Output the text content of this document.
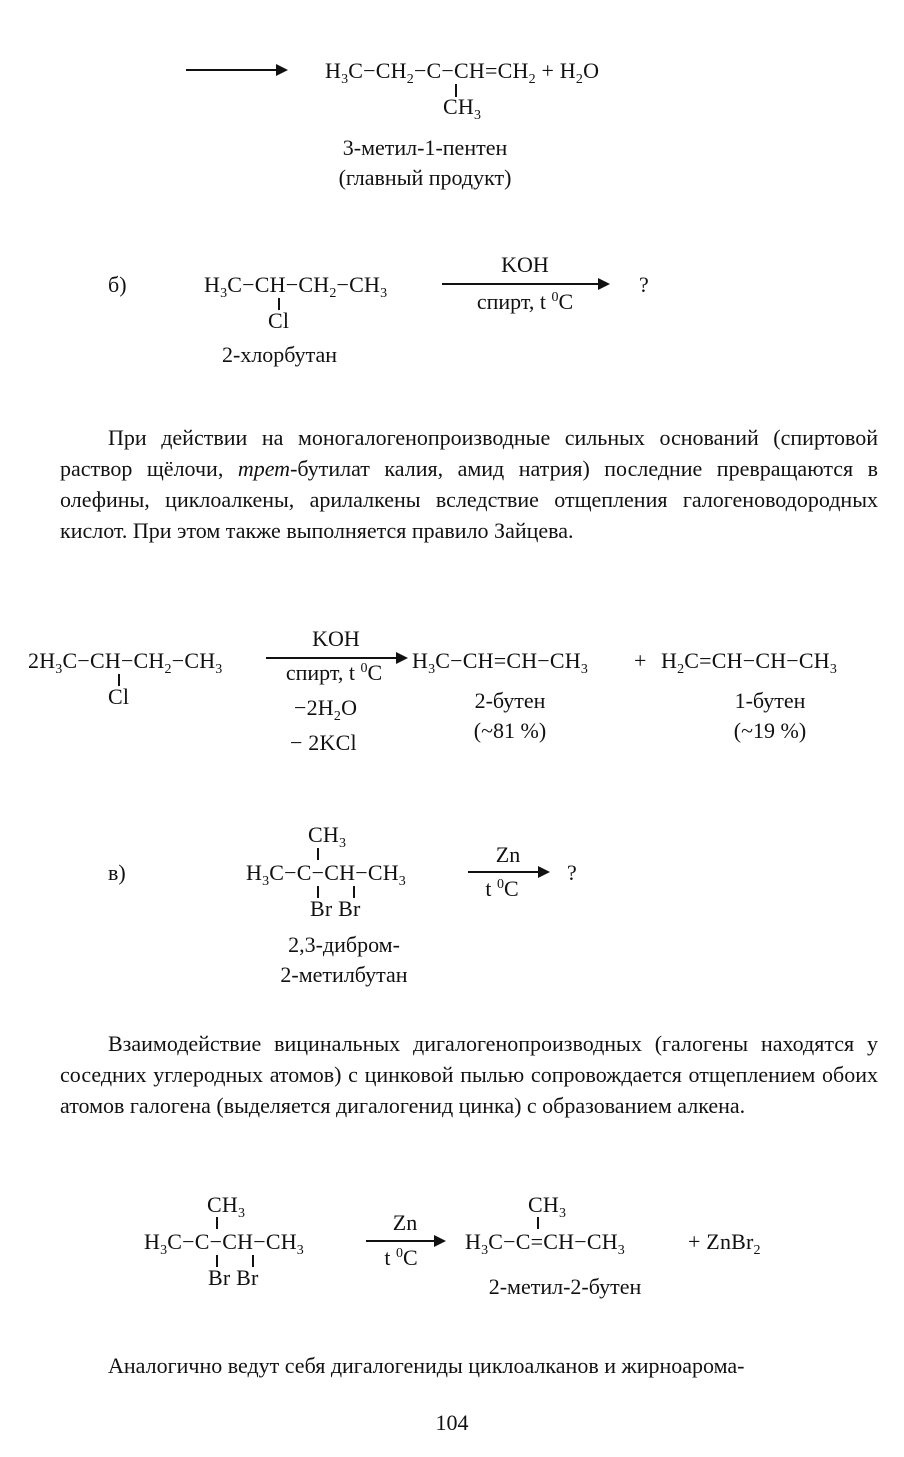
$H_3C-CH_2-C-CH=CH_2 + H_2O$
$CH_3$
3-метил-1-пентен
(главный продукт)
б)	$H_3C-CH-CH_2-CH_3$
Cl
2-хлорбутан
KOH
спирт, t $^0$C
?
При действии на моногалогенопроизводные сильных оснований (спиртовой раствор щёлочи, трет-бутилат калия, амид натрия) последние превращаются в олефины, циклоалкены, арилалкены вследствие отщепления галогеноводородных кислот. При этом также выполняется правило Зайцева.
$2H_3C-CH-CH_2-CH_3$
Cl
KOH
спирт, t $^0$C
$-2H_2O$
− 2KCl
$H_3C-CH=CH-CH_3 + H_2C=CH-CH-CH_3$
2-бутен
(~81 %)
1-бутен
(~19 %)
в)
$CH_3$
$H_3C-C-CH-CH_3$
Br Br
2,3-дибром-
2-метилбутан
Zn
t $^0$C
?
Взаимодействие вицинальных дигалогенопроизводных (галогены находятся у соседних углеродных атомов) с цинковой пылью сопровождается отщеплением обоих атомов галогена (выделяется дигалогенид цинка) с образованием алкена.
$CH_3$
$H_3C-C-CH-CH_3$
Br Br
Zn
t $^0$C
$CH_3$
$H_3C-C=CH-CH_3$	+ ZnBr$_2$
2-метил-2-бутен
Аналогично ведут себя дигалогениды циклоалканов и жирноарома-
104
